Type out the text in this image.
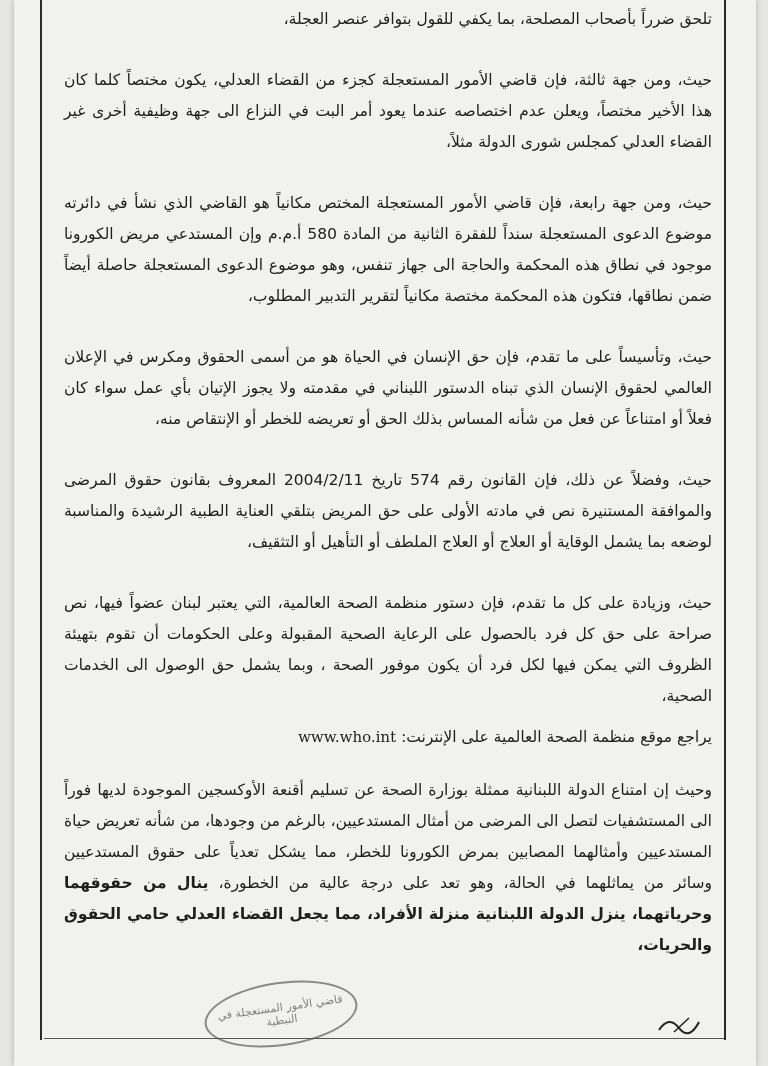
تلحق ضرراً بأصحاب المصلحة، بما يكفي للقول بتوافر عنصر العجلة،

حيث، ومن جهة ثالثة، فإن قاضي الأمور المستعجلة كجزء من القضاء العدلي، يكون مختصاً كلما كان هذا الأخير مختصاً، ويعلن عدم اختصاصه عندما يعود أمر البت في النزاع الى جهة وظيفية أخرى غير القضاء العدلي كمجلس شورى الدولة مثلاً،

حيث، ومن جهة رابعة، فإن قاضي الأمور المستعجلة المختص مكانياً هو القاضي الذي نشأ في دائرته موضوع الدعوى المستعجلة سنداً للفقرة الثانية من المادة 580 أ.م.م وإن المستدعي مريض الكورونا موجود في نطاق هذه المحكمة والحاجة الى جهاز تنفس، وهو موضوع الدعوى المستعجلة حاصلة أيضاً ضمن نطاقها، فتكون هذه المحكمة مختصة مكانياً لتقرير التدبير المطلوب،

حيث، وتأسيساً على ما تقدم، فإن حق الإنسان في الحياة هو من أسمى الحقوق ومكرس في الإعلان العالمي لحقوق الإنسان الذي تبناه الدستور اللبناني في مقدمته ولا يجوز الإتيان بأي عمل سواء كان فعلاً أو امتناعاً عن فعل من شأنه المساس بذلك الحق أو تعريضه للخطر أو الإنتقاص منه،

حيث، وفضلاً عن ذلك، فإن القانون رقم 574 تاريخ 2004/2/11 المعروف بقانون حقوق المرضى والموافقة المستنيرة نص في مادته الأولى على حق المريض بتلقي العناية الطبية الرشيدة والمناسبة لوضعه بما يشمل الوقاية أو العلاج أو العلاج الملطف أو التأهيل أو التثقيف،

حيث، وزيادة على كل ما تقدم، فإن دستور منظمة الصحة العالمية، التي يعتبر لبنان عضواً فيها، نص صراحة على حق كل فرد بالحصول على الرعاية الصحية المقبولة وعلى الحكومات أن تقوم بتهيئة الظروف التي يمكن فيها لكل فرد أن يكون موفور الصحة ، وبما يشمل حق الوصول الى الخدمات الصحية،

يراجع موقع منظمة الصحة العالمية على الإنترنت: www.who.int

وحيث إن امتناع الدولة اللبنانية ممثلة بوزارة الصحة عن تسليم أقنعة الأوكسجين الموجودة لديها فوراً الى المستشفيات لتصل الى المرضى من أمثال المستدعيين، بالرغم من وجودها، من شأنه تعريض حياة المستدعيين وأمثالهما المصابين بمرض الكورونا للخطر، مما يشكل تعدياً على حقوق المستدعيين وسائر من يماثلهما في الحالة، وهو تعد على درجة عالية من الخطورة، ينال من حقوقهما وحرياتهما، ينزل الدولة اللبنانية منزلة الأفراد، مما يجعل القضاء العدلي حامي الحقوق والحريات،

قاضي الأمور المستعجلة في النبطية
